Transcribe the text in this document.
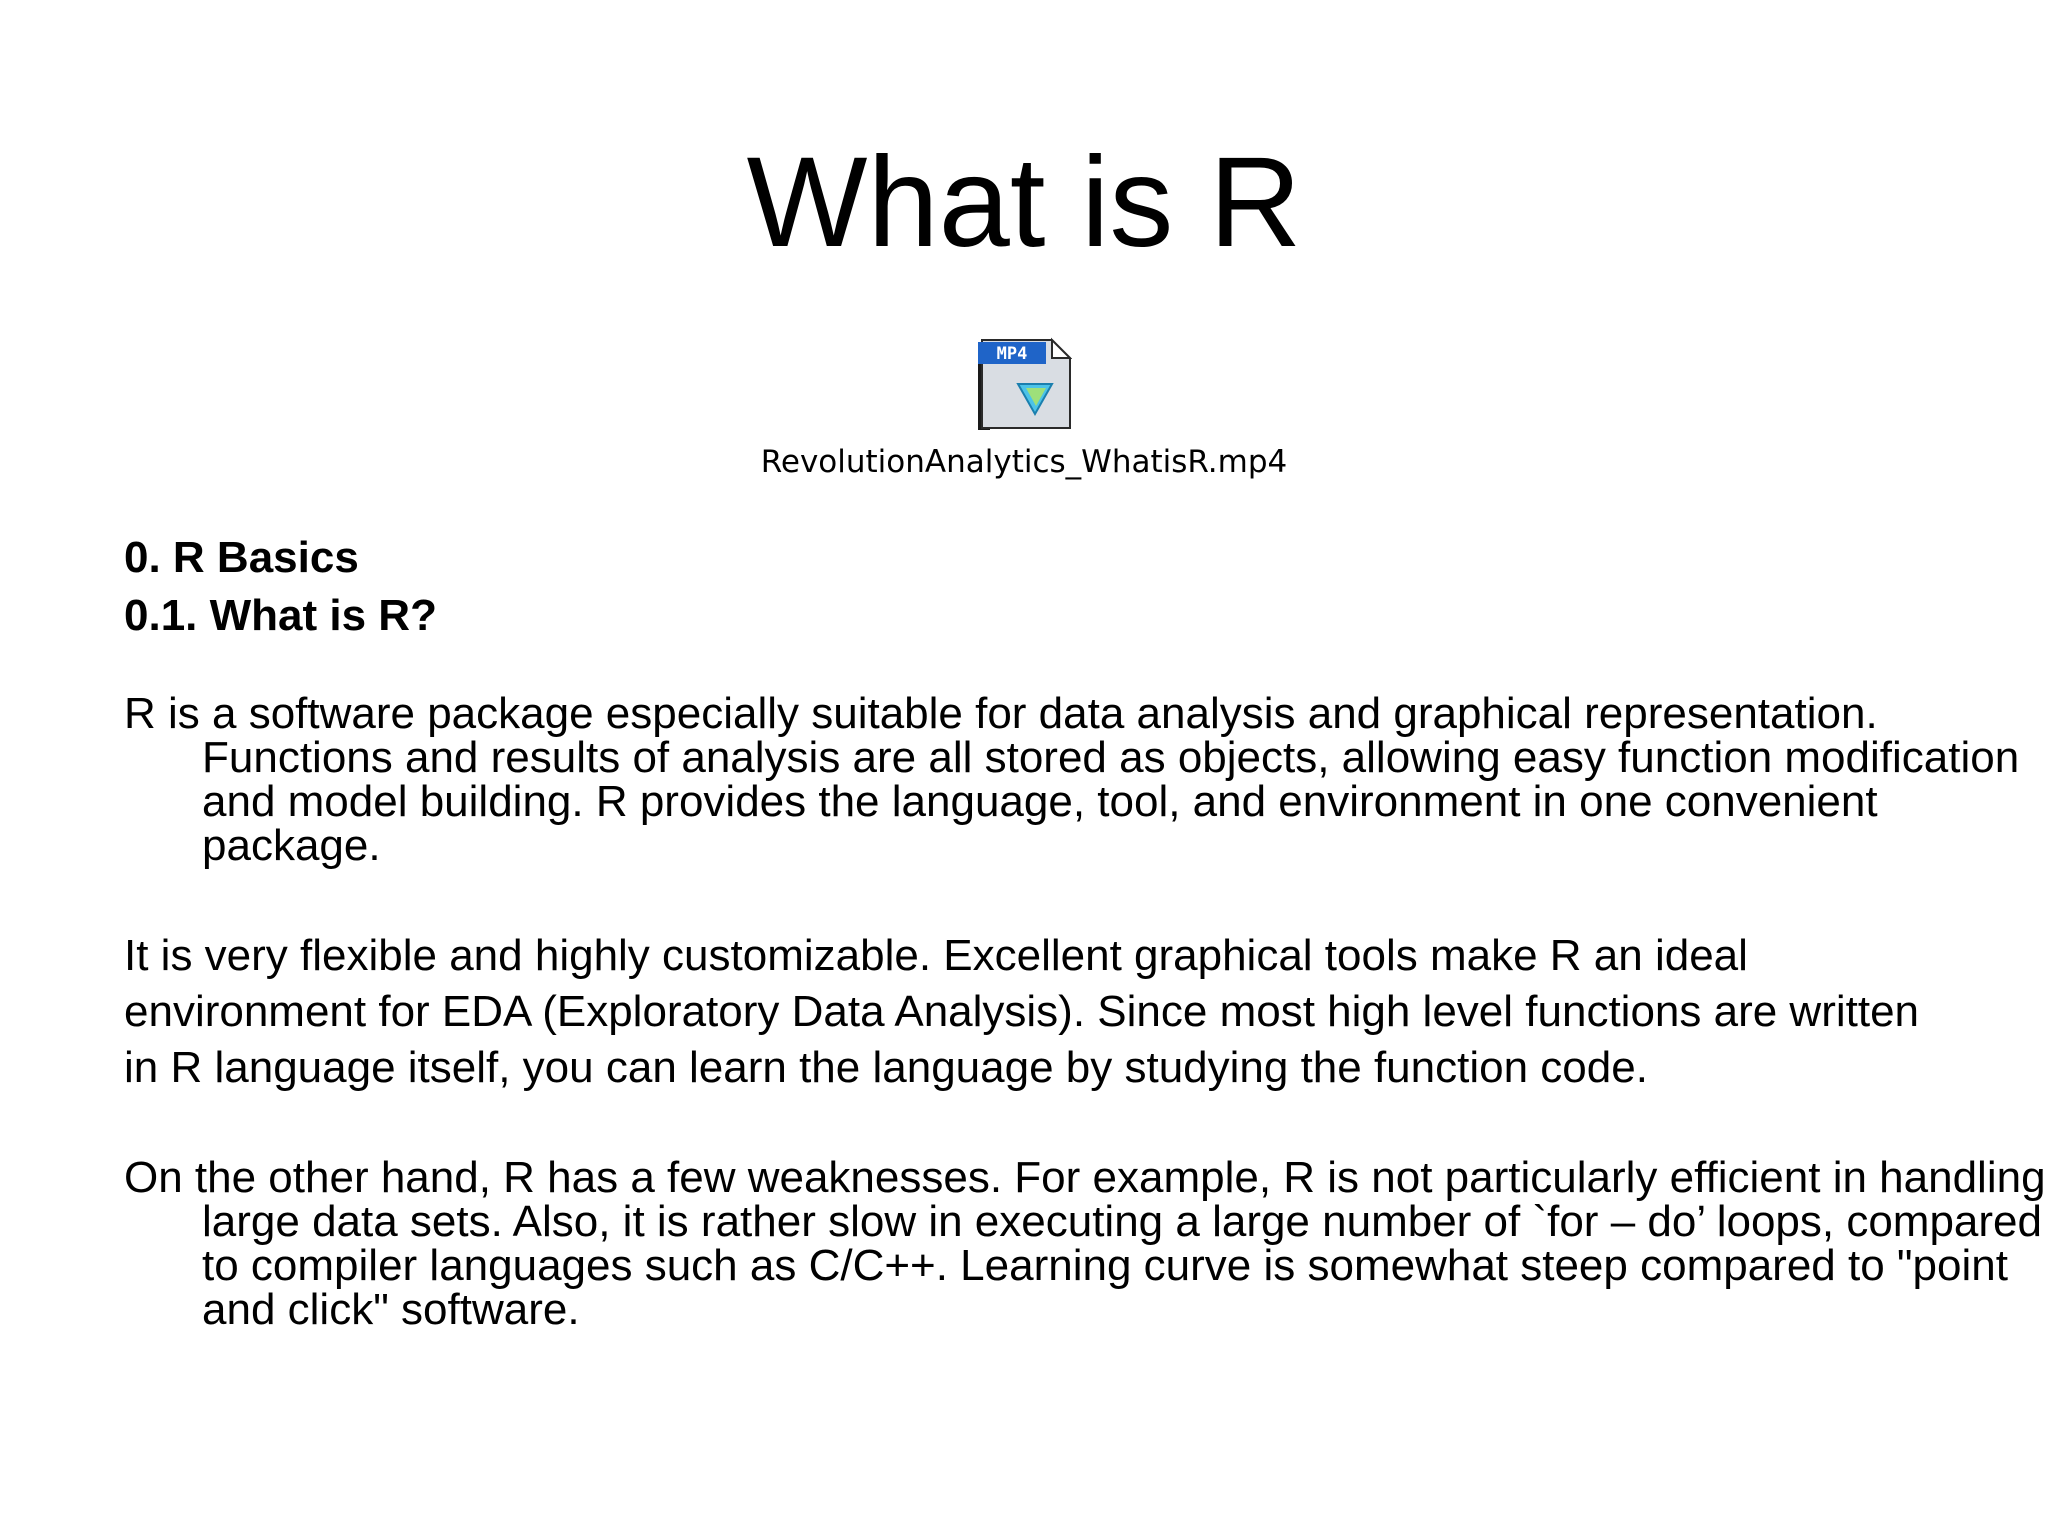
What is R
MP4
RevolutionAnalytics_WhatisR.mp4
0. R Basics
0.1. What is R?

R is a software package especially suitable for data analysis and graphical representation. Functions and results of analysis are all stored as objects, allowing easy function modification and model building. R provides the language, tool, and environment in one convenient package.

It is very flexible and highly customizable. Excellent graphical tools make R an ideal environment for EDA (Exploratory Data Analysis). Since most high level functions are written in R language itself, you can learn the language by studying the function code.

On the other hand, R has a few weaknesses. For example, R is not particularly efficient in handling large data sets. Also, it is rather slow in executing a large number of `for – do’ loops, compared to compiler languages such as C/C++. Learning curve is somewhat steep compared to "point and click" software.
